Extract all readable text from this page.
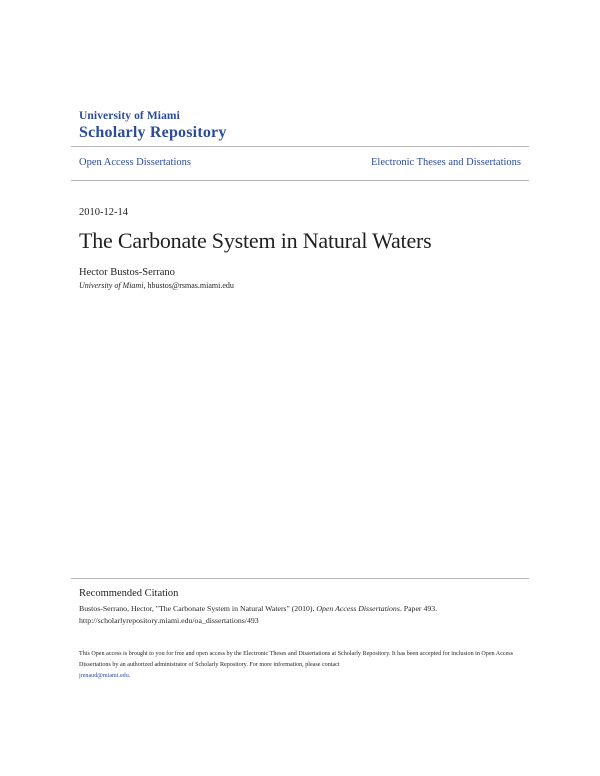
University of Miami
Scholarly Repository
Open Access Dissertations	Electronic Theses and Dissertations
2010-12-14
The Carbonate System in Natural Waters
Hector Bustos-Serrano
University of Miami, hbustos@rsmas.miami.edu
Recommended Citation
Bustos-Serrano, Hector, "The Carbonate System in Natural Waters" (2010). Open Access Dissertations. Paper 493.
http://scholarlyrepository.miami.edu/oa_dissertations/493
This Open access is brought to you for free and open access by the Electronic Theses and Dissertations at Scholarly Repository. It has been accepted for inclusion in Open Access Dissertations by an authorized administrator of Scholarly Repository. For more information, please contact
jrenaud@miami.edu.
